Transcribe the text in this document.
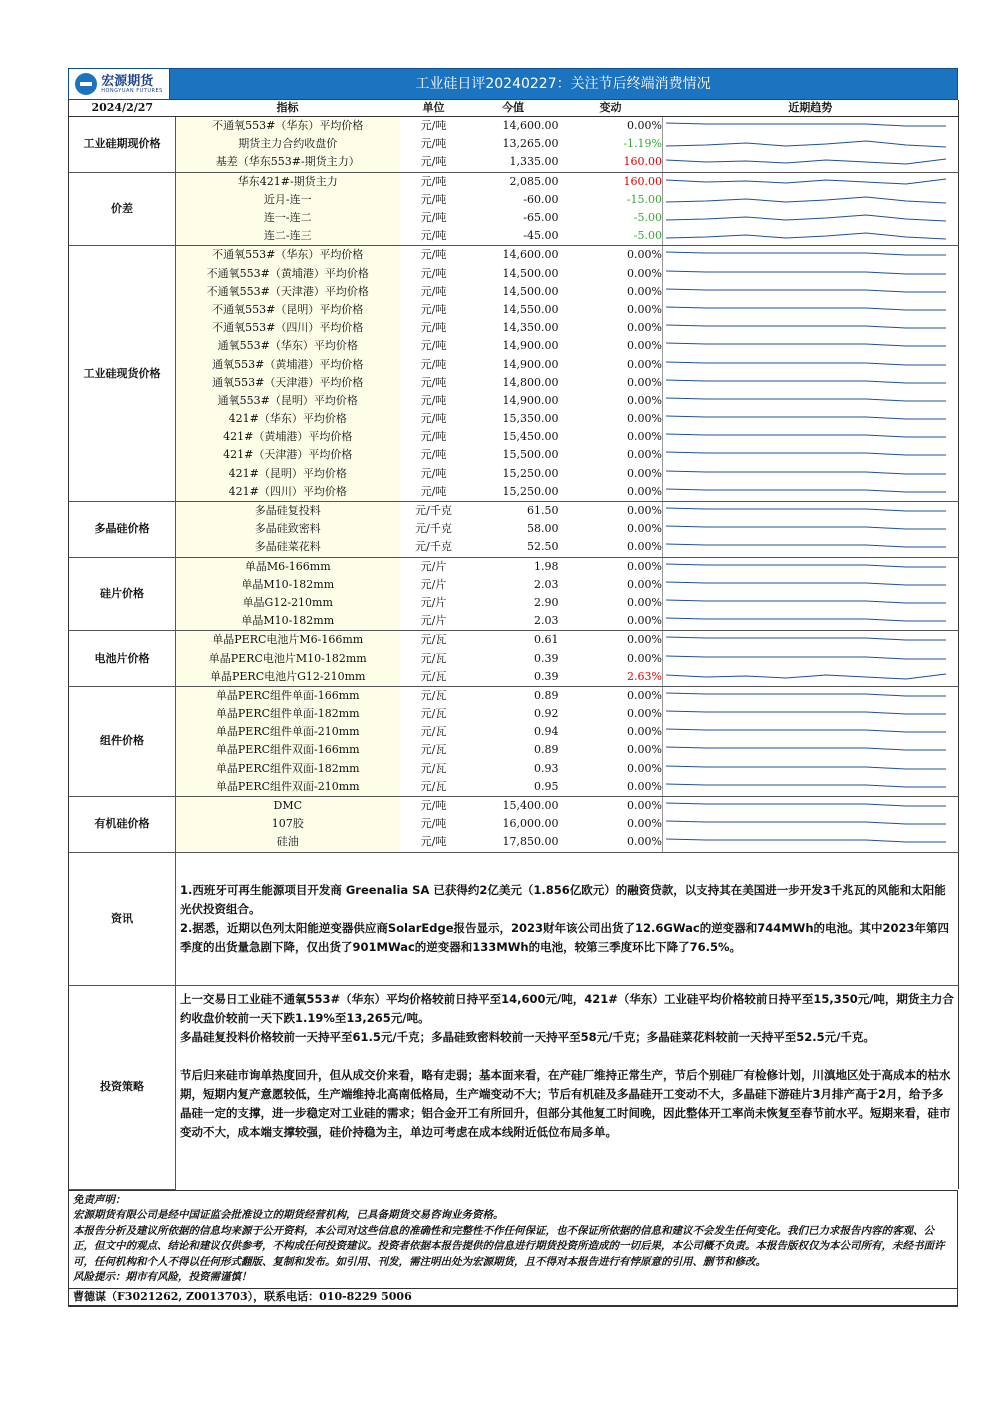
宏源期货
HONGYUAN FUTURES	工业硅日评20240227：关注节后终端消费情况
2024/2/27	指标	单位	今值	变动	近期趋势
工业硅期现价格	不通氧553#（华东）平均价格	元/吨	14,600.00	0.00%	

	期货主力合约收盘价	元/吨	13,265.00	-1.19%	

	基差（华东553#-期货主力）	元/吨	1,335.00	160.00	

价差	华东421#-期货主力	元/吨	2,085.00	160.00	

	近月-连一	元/吨	-60.00	-15.00	

	连一-连二	元/吨	-65.00	-5.00	

	连二-连三	元/吨	-45.00	-5.00	

工业硅现货价格	不通氧553#（华东）平均价格	元/吨	14,600.00	0.00%	

	不通氧553#（黄埔港）平均价格	元/吨	14,500.00	0.00%	

	不通氧553#（天津港）平均价格	元/吨	14,500.00	0.00%	

	不通氧553#（昆明）平均价格	元/吨	14,550.00	0.00%	

	不通氧553#（四川）平均价格	元/吨	14,350.00	0.00%	

	通氧553#（华东）平均价格	元/吨	14,900.00	0.00%	

	通氧553#（黄埔港）平均价格	元/吨	14,900.00	0.00%	

	通氧553#（天津港）平均价格	元/吨	14,800.00	0.00%	

	通氧553#（昆明）平均价格	元/吨	14,900.00	0.00%	

	421#（华东）平均价格	元/吨	15,350.00	0.00%	

	421#（黄埔港）平均价格	元/吨	15,450.00	0.00%	

	421#（天津港）平均价格	元/吨	15,500.00	0.00%	

	421#（昆明）平均价格	元/吨	15,250.00	0.00%	

	421#（四川）平均价格	元/吨	15,250.00	0.00%	

多晶硅价格	多晶硅复投料	元/千克	61.50	0.00%	

	多晶硅致密料	元/千克	58.00	0.00%	

	多晶硅菜花料	元/千克	52.50	0.00%	

硅片价格	单晶M6-166mm	元/片	1.98	0.00%	

	单晶M10-182mm	元/片	2.03	0.00%	

	单晶G12-210mm	元/片	2.90	0.00%	

	单晶M10-182mm	元/片	2.03	0.00%	

电池片价格	单晶PERC电池片M6-166mm	元/瓦	0.61	0.00%	

	单晶PERC电池片M10-182mm	元/瓦	0.39	0.00%	

	单晶PERC电池片G12-210mm	元/瓦	0.39	2.63%	

组件价格	单晶PERC组件单面-166mm	元/瓦	0.89	0.00%	

	单晶PERC组件单面-182mm	元/瓦	0.92	0.00%	

	单晶PERC组件单面-210mm	元/瓦	0.94	0.00%	

	单晶PERC组件双面-166mm	元/瓦	0.89	0.00%	

	单晶PERC组件双面-182mm	元/瓦	0.93	0.00%	

	单晶PERC组件双面-210mm	元/瓦	0.95	0.00%	

有机硅价格	DMC	元/吨	15,400.00	0.00%	

	107胶	元/吨	16,000.00	0.00%	

	硅油	元/吨	17,850.00	0.00%	
资讯	1.西班牙可再生能源项目开发商 Greenalia SA 已获得约2亿美元（1.856亿欧元）的融资贷款，以支持其在美国进一步开发3千兆瓦的风能和太阳能光伏投资组合。
2.据悉，近期以色列太阳能逆变器供应商SolarEdge报告显示，2023财年该公司出货了12.6GWac的逆变器和744MWh的电池。其中2023年第四季度的出货量急剧下降，仅出货了901MWac的逆变器和133MWh的电池，较第三季度环比下降了76.5%。

投资策略	上一交易日工业硅不通氧553#（华东）平均价格较前日持平至14,600元/吨，421#（华东）工业硅平均价格较前日持平至15,350元/吨，期货主力合约收盘价较前一天下跌1.19%至13,265元/吨。

多晶硅复投料价格较前一天持平至61.5元/千克；多晶硅致密料较前一天持平至58元/千克；多晶硅菜花料较前一天持平至52.5元/千克。

节后归来硅市询单热度回升，但从成交价来看，略有走弱；基本面来看，在产硅厂维持正常生产，节后个别硅厂有检修计划，川滇地区处于高成本的枯水期，短期内复产意愿较低，生产端维持北高南低格局，生产端变动不大；节后有机硅及多晶硅开工变动不大，多晶硅下游硅片3月排产高于2月，给予多晶硅一定的支撑，进一步稳定对工业硅的需求；铝合金开工有所回升，但部分其他复工时间晚，因此整体开工率尚未恢复至春节前水平。短期来看，硅市变动不大，成本端支撑较强，硅价持稳为主，单边可考虑在成本线附近低位布局多单。

免责声明：
宏源期货有限公司是经中国证监会批准设立的期货经营机构，已具备期货交易咨询业务资格。
本报告分析及建议所依据的信息均来源于公开资料，本公司对这些信息的准确性和完整性不作任何保证，也不保证所依据的信息和建议不会发生任何变化。我们已力求报告内容的客观、公正，但文中的观点、结论和建议仅供参考，不构成任何投资建议。投资者依据本报告提供的信息进行期货投资所造成的一切后果，本公司概不负责。本报告版权仅为本公司所有，未经书面许可，任何机构和个人不得以任何形式翻版、复制和发布。如引用、刊发，需注明出处为宏源期货，且不得对本报告进行有悖原意的引用、删节和修改。
风险提示：期市有风险，投资需谨慎！
曹德谋（F3021262, Z0013703），联系电话：010-8229 5006
